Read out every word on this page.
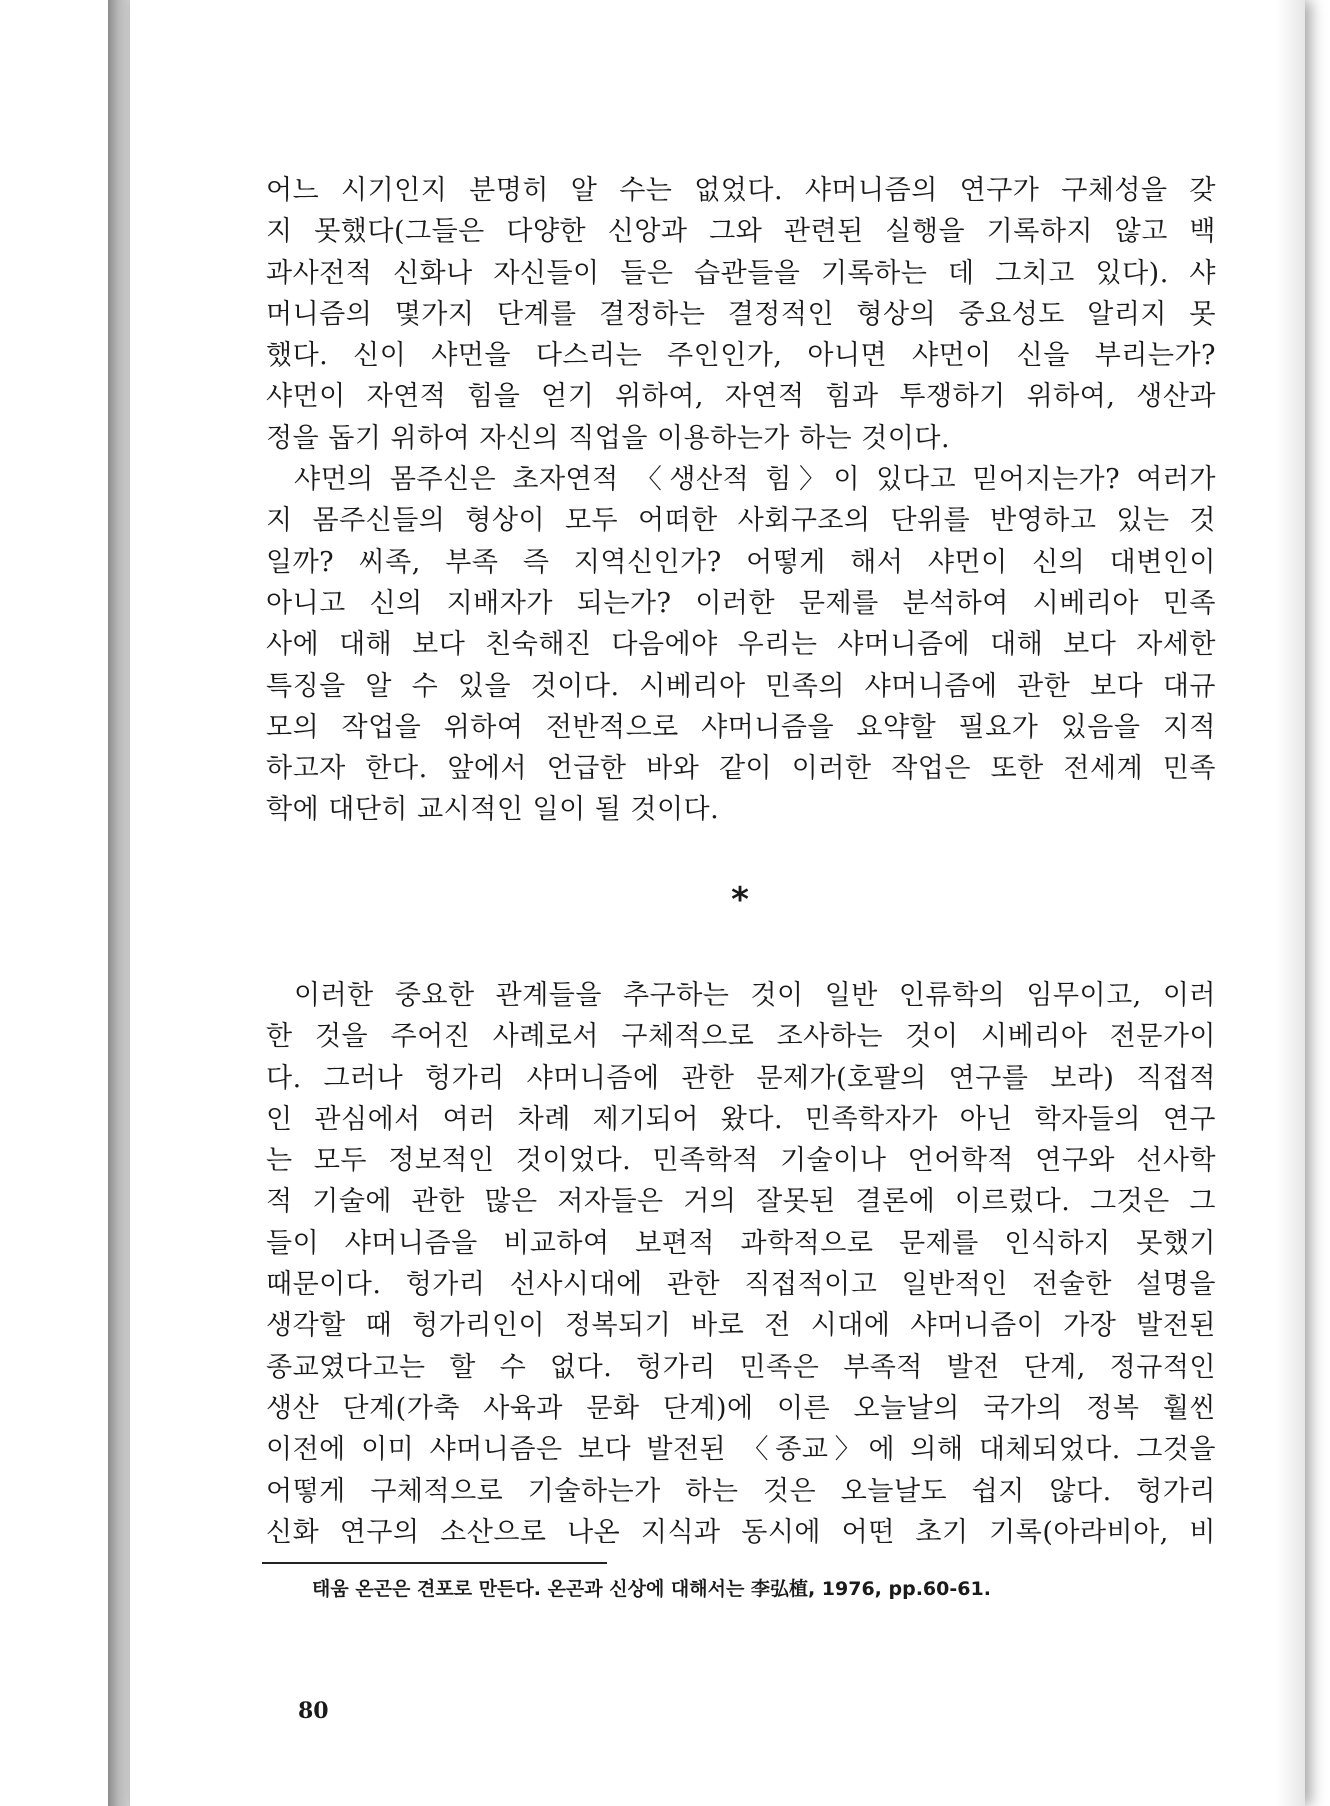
어느 시기인지 분명히 알 수는 없었다. 샤머니즘의 연구가 구체성을 갖
지 못했다(그들은 다양한 신앙과 그와 관련된 실행을 기록하지 않고 백
과사전적 신화나 자신들이 들은 습관들을 기록하는 데 그치고 있다). 샤
머니즘의 몇가지 단계를 결정하는 결정적인 형상의 중요성도 알리지 못
했다. 신이 샤먼을 다스리는 주인인가, 아니면 샤먼이 신을 부리는가?
샤먼이 자연적 힘을 얻기 위하여, 자연적 힘과 투쟁하기 위하여, 생산과
정을 돕기 위하여 자신의 직업을 이용하는가 하는 것이다.
샤먼의 몸주신은 초자연적 〈생산적 힘〉이 있다고 믿어지는가? 여러가
지 몸주신들의 형상이 모두 어떠한 사회구조의 단위를 반영하고 있는 것
일까? 씨족, 부족 즉 지역신인가? 어떻게 해서 샤먼이 신의 대변인이
아니고 신의 지배자가 되는가? 이러한 문제를 분석하여 시베리아 민족
사에 대해 보다 친숙해진 다음에야 우리는 샤머니즘에 대해 보다 자세한
특징을 알 수 있을 것이다. 시베리아 민족의 샤머니즘에 관한 보다 대규
모의 작업을 위하여 전반적으로 샤머니즘을 요약할 필요가 있음을 지적
하고자 한다. 앞에서 언급한 바와 같이 이러한 작업은 또한 전세계 민족
학에 대단히 교시적인 일이 될 것이다.
*
이러한 중요한 관계들을 추구하는 것이 일반 인류학의 임무이고, 이러
한 것을 주어진 사례로서 구체적으로 조사하는 것이 시베리아 전문가이
다. 그러나 헝가리 샤머니즘에 관한 문제가(호팔의 연구를 보라) 직접적
인 관심에서 여러 차례 제기되어 왔다. 민족학자가 아닌 학자들의 연구
는 모두 정보적인 것이었다. 민족학적 기술이나 언어학적 연구와 선사학
적 기술에 관한 많은 저자들은 거의 잘못된 결론에 이르렀다. 그것은 그
들이 샤머니즘을 비교하여 보편적 과학적으로 문제를 인식하지 못했기
때문이다. 헝가리 선사시대에 관한 직접적이고 일반적인 전술한 설명을
생각할 때 헝가리인이 정복되기 바로 전 시대에 샤머니즘이 가장 발전된
종교였다고는 할 수 없다. 헝가리 민족은 부족적 발전 단계, 정규적인
생산 단계(가축 사육과 문화 단계)에 이른 오늘날의 국가의 정복 훨씬
이전에 이미 샤머니즘은 보다 발전된 〈종교〉에 의해 대체되었다. 그것을
어떻게 구체적으로 기술하는가 하는 것은 오늘날도 쉽지 않다. 헝가리
신화 연구의 소산으로 나온 지식과 동시에 어떤 초기 기록(아라비아, 비
태움 온곤은 견포로 만든다. 온곤과 신상에 대해서는 李弘植, 1976, pp.60-61.
80
